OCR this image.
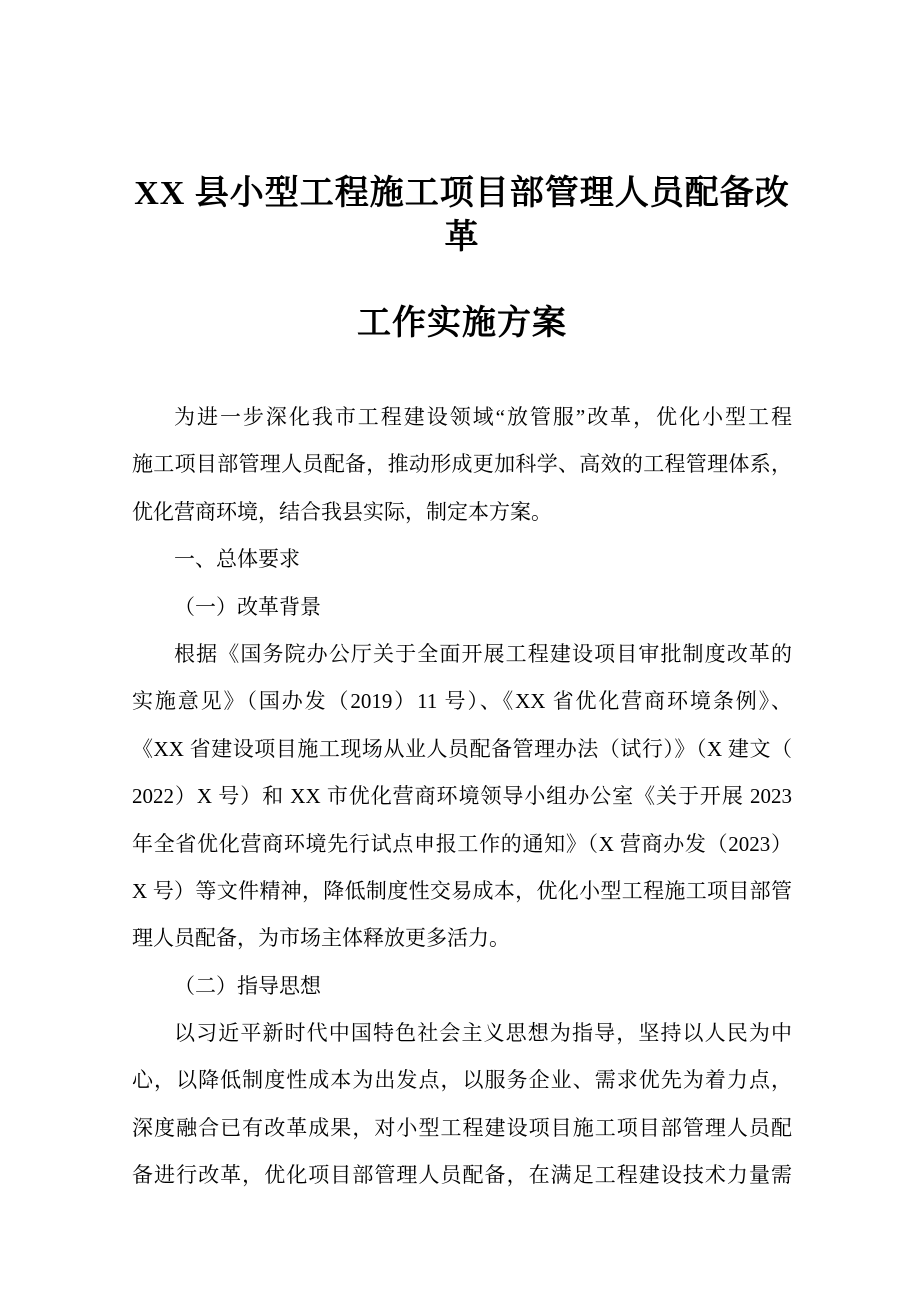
XX 县小型工程施工项目部管理人员配备改革
工作实施方案
为进一步深化我市工程建设领域“放管服”改革，优化小型工程
施工项目部管理人员配备，推动形成更加科学、高效的工程管理体系，
优化营商环境，结合我县实际，制定本方案。
一、总体要求
（一）改革背景
根据《国务院办公厅关于全面开展工程建设项目审批制度改革的
实施意见》（国办发（2019）11 号）、《XX 省优化营商环境条例》、
《XX 省建设项目施工现场从业人员配备管理办法（试行）》（X 建文（
2022）X 号）和 XX 市优化营商环境领导小组办公室《关于开展 2023
年全省优化营商环境先行试点申报工作的通知》（X 营商办发（2023）
X 号）等文件精神，降低制度性交易成本，优化小型工程施工项目部管
理人员配备，为市场主体释放更多活力。
（二）指导思想
以习近平新时代中国特色社会主义思想为指导，坚持以人民为中
心，以降低制度性成本为出发点，以服务企业、需求优先为着力点，
深度融合已有改革成果，对小型工程建设项目施工项目部管理人员配
备进行改革，优化项目部管理人员配备，在满足工程建设技术力量需
